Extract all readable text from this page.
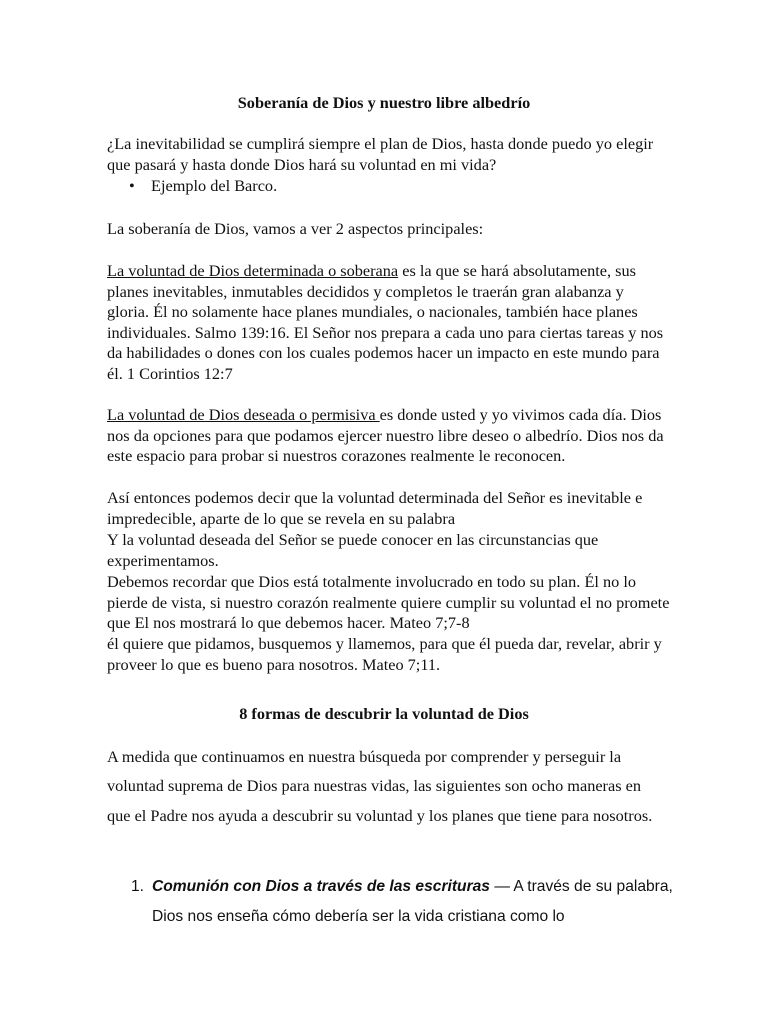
Soberanía de Dios y nuestro libre albedrío

¿La inevitabilidad se cumplirá siempre el plan de Dios, hasta donde puedo yo elegir que pasará y hasta donde Dios hará su voluntad en mi vida?

• Ejemplo del Barco.

La soberanía de Dios, vamos a ver 2 aspectos principales:

La voluntad de Dios determinada o soberana es la que se hará absolutamente, sus planes inevitables, inmutables decididos y completos le traerán gran alabanza y gloria. Él no solamente hace planes mundiales, o nacionales, también hace planes individuales. Salmo 139:16. El Señor nos prepara a cada uno para ciertas tareas y nos da habilidades o dones con los cuales podemos hacer un impacto en este mundo para él. 1 Corintios 12:7

La voluntad de Dios deseada o permisiva es donde usted y yo vivimos cada día. Dios nos da opciones para que podamos ejercer nuestro libre deseo o albedrío. Dios nos da este espacio para probar si nuestros corazones realmente le reconocen.

Así entonces podemos decir que la voluntad determinada del Señor es inevitable e impredecible, aparte de lo que se revela en su palabra

Y la voluntad deseada del Señor se puede conocer en las circunstancias que experimentamos.

Debemos recordar que Dios está totalmente involucrado en todo su plan. Él no lo pierde de vista, si nuestro corazón realmente quiere cumplir su voluntad el no promete que El nos mostrará lo que debemos hacer. Mateo 7;7-8

él quiere que pidamos, busquemos y llamemos, para que él pueda dar, revelar, abrir y proveer lo que es bueno para nosotros. Mateo 7;11.

8 formas de descubrir la voluntad de Dios

A medida que continuamos en nuestra búsqueda por comprender y perseguir la voluntad suprema de Dios para nuestras vidas, las siguientes son ocho maneras en que el Padre nos ayuda a descubrir su voluntad y los planes que tiene para nosotros.

1. Comunión con Dios a través de las escrituras — A través de su palabra, Dios nos enseña cómo debería ser la vida cristiana como lo
